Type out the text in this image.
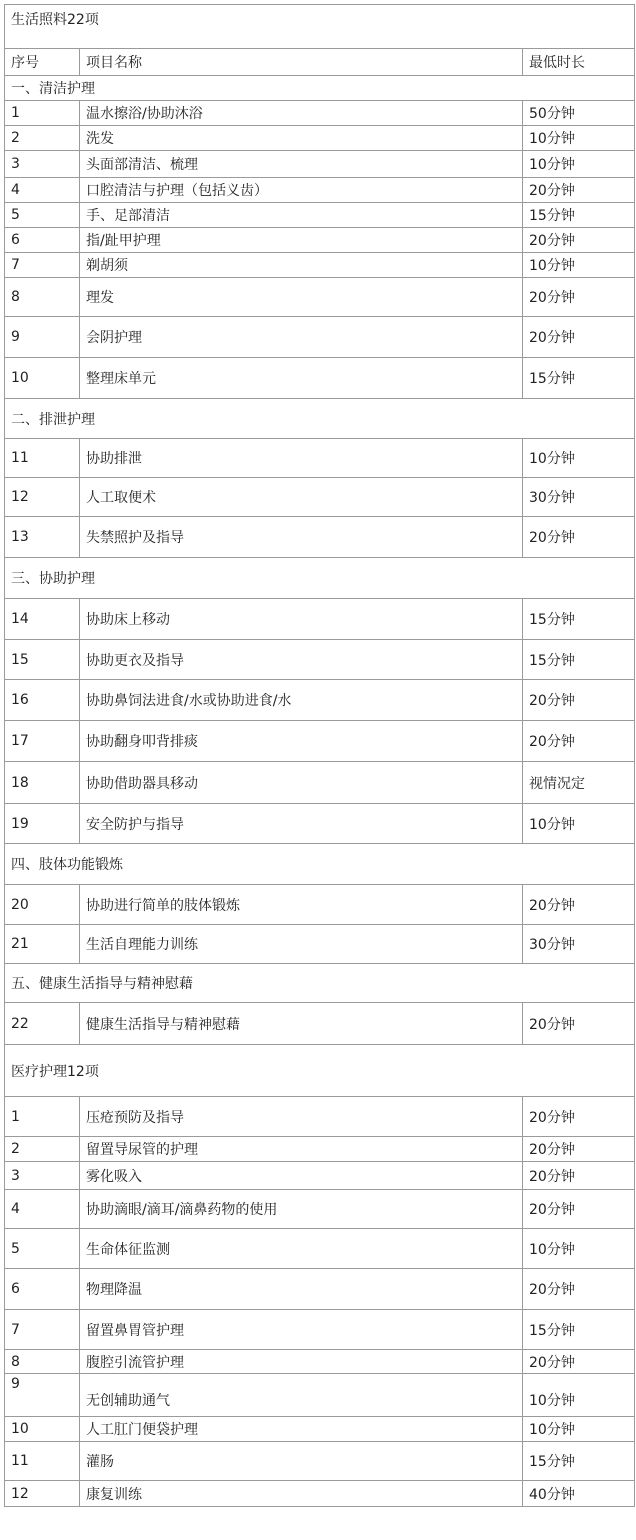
生活照料22项		
序号	项目名称	最低时长
一、清洁护理		
1	温水擦浴/协助沐浴	50分钟
2	洗发	10分钟
3	头面部清洁、梳理	10分钟
4	口腔清洁与护理（包括义齿）	20分钟
5	手、足部清洁	15分钟
6	指/趾甲护理	20分钟
7	剃胡须	10分钟
8	理发	20分钟
9	会阴护理	20分钟
10	整理床单元	15分钟
二、排泄护理		
11	协助排泄	10分钟
12	人工取便术	30分钟
13	失禁照护及指导	20分钟
三、协助护理		
14	协助床上移动	15分钟
15	协助更衣及指导	15分钟
16	协助鼻饲法进食/水或协助进食/水	20分钟
17	协助翻身叩背排痰	20分钟
18	协助借助器具移动	视情况定
19	安全防护与指导	10分钟
四、肢体功能锻炼		
20	协助进行简单的肢体锻炼	20分钟
21	生活自理能力训练	30分钟
五、健康生活指导与精神慰藉		
22	健康生活指导与精神慰藉	20分钟
医疗护理12项		
1	压疮预防及指导	20分钟
2	留置导尿管的护理	20分钟
3	雾化吸入	20分钟
4	协助滴眼/滴耳/滴鼻药物的使用	20分钟
5	生命体征监测	10分钟
6	物理降温	20分钟
7	留置鼻胃管护理	15分钟
8	腹腔引流管护理	20分钟
9	无创辅助通气	10分钟
10	人工肛门便袋护理	10分钟
11	灌肠	15分钟
12	康复训练	40分钟
